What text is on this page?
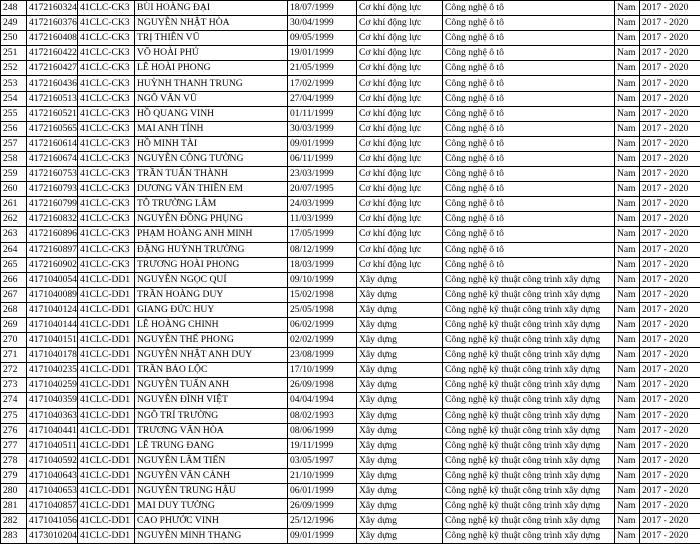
248	4172160324	41CLC-CK3	BÙI HOÀNG ĐẠI	18/07/1999	Cơ khí động lực	Công nghệ ô tô	Nam	2017 - 2020
249	4172160376	41CLC-CK3	NGUYỄN NHẬT HÒA	30/04/1999	Cơ khí động lực	Công nghệ ô tô	Nam	2017 - 2020
250	4172160408	41CLC-CK3	TRỊ THIÊN VŨ	09/05/1999	Cơ khí động lực	Công nghệ ô tô	Nam	2017 - 2020
251	4172160422	41CLC-CK3	VÕ HOÀI PHÚ	19/01/1999	Cơ khí động lực	Công nghệ ô tô	Nam	2017 - 2020
252	4172160427	41CLC-CK3	LÊ HOÀI PHONG	21/05/1999	Cơ khí động lực	Công nghệ ô tô	Nam	2017 - 2020
253	4172160436	41CLC-CK3	HUỲNH THANH TRUNG	17/02/1999	Cơ khí động lực	Công nghệ ô tô	Nam	2017 - 2020
254	4172160513	41CLC-CK3	NGÔ VĂN VŨ	27/04/1999	Cơ khí động lực	Công nghệ ô tô	Nam	2017 - 2020
255	4172160521	41CLC-CK3	HỒ QUANG VINH	01/11/1999	Cơ khí động lực	Công nghệ ô tô	Nam	2017 - 2020
256	4172160565	41CLC-CK3	MAI ANH TÍNH	30/03/1999	Cơ khí động lực	Công nghệ ô tô	Nam	2017 - 2020
257	4172160614	41CLC-CK3	HỒ MINH TÀI	09/01/1999	Cơ khí động lực	Công nghệ ô tô	Nam	2017 - 2020
258	4172160674	41CLC-CK3	NGUYỄN CÔNG TƯỜNG	06/11/1999	Cơ khí động lực	Công nghệ ô tô	Nam	2017 - 2020
259	4172160753	41CLC-CK3	TRẦN TUẤN THÀNH	23/03/1999	Cơ khí động lực	Công nghệ ô tô	Nam	2017 - 2020
260	4172160793	41CLC-CK3	DƯƠNG VĂN THIỀN EM	20/07/1995	Cơ khí động lực	Công nghệ ô tô	Nam	2017 - 2020
261	4172160799	41CLC-CK3	TÔ TRƯỜNG LÂM	24/03/1999	Cơ khí động lực	Công nghệ ô tô	Nam	2017 - 2020
262	4172160832	41CLC-CK3	NGUYỄN ĐỒNG PHỤNG	11/03/1999	Cơ khí động lực	Công nghệ ô tô	Nam	2017 - 2020
263	4172160896	41CLC-CK3	PHẠM HOÀNG ANH MINH	17/05/1999	Cơ khí động lực	Công nghệ ô tô	Nam	2017 - 2020
264	4172160897	41CLC-CK3	ĐẶNG HUỲNH TRƯỜNG	08/12/1999	Cơ khí động lực	Công nghệ ô tô	Nam	2017 - 2020
265	4172160902	41CLC-CK3	TRƯƠNG HOÀI PHONG	18/03/1999	Cơ khí động lực	Công nghệ ô tô	Nam	2017 - 2020
266	4171040054	41CLC-DD1	NGUYỄN NGỌC QUÍ	09/10/1999	Xây dựng	Công nghệ kỹ thuật công trình xây dựng	Nam	2017 - 2020
267	4171040089	41CLC-DD1	TRẦN HOÀNG DUY	15/02/1998	Xây dựng	Công nghệ kỹ thuật công trình xây dựng	Nam	2017 - 2020
268	4171040124	41CLC-DD1	GIANG ĐỨC HUY	25/05/1998	Xây dựng	Công nghệ kỹ thuật công trình xây dựng	Nam	2017 - 2020
269	4171040144	41CLC-DD1	LÊ HOÀNG CHINH	06/02/1999	Xây dựng	Công nghệ kỹ thuật công trình xây dựng	Nam	2017 - 2020
270	4171040151	41CLC-DD1	NGUYỄN THẾ PHONG	02/02/1999	Xây dựng	Công nghệ kỹ thuật công trình xây dựng	Nam	2017 - 2020
271	4171040178	41CLC-DD1	NGUYỄN NHẬT ANH DUY	23/08/1999	Xây dựng	Công nghệ kỹ thuật công trình xây dựng	Nam	2017 - 2020
272	4171040235	41CLC-DD1	TRẦN BẢO LỘC	17/10/1999	Xây dựng	Công nghệ kỹ thuật công trình xây dựng	Nam	2017 - 2020
273	4171040259	41CLC-DD1	NGUYỄN TUẤN ANH	26/09/1998	Xây dựng	Công nghệ kỹ thuật công trình xây dựng	Nam	2017 - 2020
274	4171040359	41CLC-DD1	NGUYỄN ĐÌNH VIỆT	04/04/1994	Xây dựng	Công nghệ kỹ thuật công trình xây dựng	Nam	2017 - 2020
275	4171040363	41CLC-DD1	NGÔ TRÍ TRƯỜNG	08/02/1993	Xây dựng	Công nghệ kỹ thuật công trình xây dựng	Nam	2017 - 2020
276	4171040441	41CLC-DD1	TRƯƠNG VĂN HÒA	08/06/1999	Xây dựng	Công nghệ kỹ thuật công trình xây dựng	Nam	2017 - 2020
277	4171040511	41CLC-DD1	LÊ TRUNG ĐANG	19/11/1999	Xây dựng	Công nghệ kỹ thuật công trình xây dựng	Nam	2017 - 2020
278	4171040592	41CLC-DD1	NGUYỄN LÂM TIẾN	03/05/1997	Xây dựng	Công nghệ kỹ thuật công trình xây dựng	Nam	2017 - 2020
279	4171040643	41CLC-DD1	NGUYỄN VĂN CẢNH	21/10/1999	Xây dựng	Công nghệ kỹ thuật công trình xây dựng	Nam	2017 - 2020
280	4171040653	41CLC-DD1	NGUYỄN TRUNG HẬU	06/01/1999	Xây dựng	Công nghệ kỹ thuật công trình xây dựng	Nam	2017 - 2020
281	4171040857	41CLC-DD1	MAI DUY TƯỜNG	26/09/1999	Xây dựng	Công nghệ kỹ thuật công trình xây dựng	Nam	2017 - 2020
282	4171041056	41CLC-DD1	CAO PHƯỚC VINH	25/12/1996	Xây dựng	Công nghệ kỹ thuật công trình xây dựng	Nam	2017 - 2020
283	4173010204	41CLC-DD1	NGUYỄN MINH THẠNG	09/01/1999	Xây dựng	Công nghệ kỹ thuật công trình xây dựng	Nam	2017 - 2020
